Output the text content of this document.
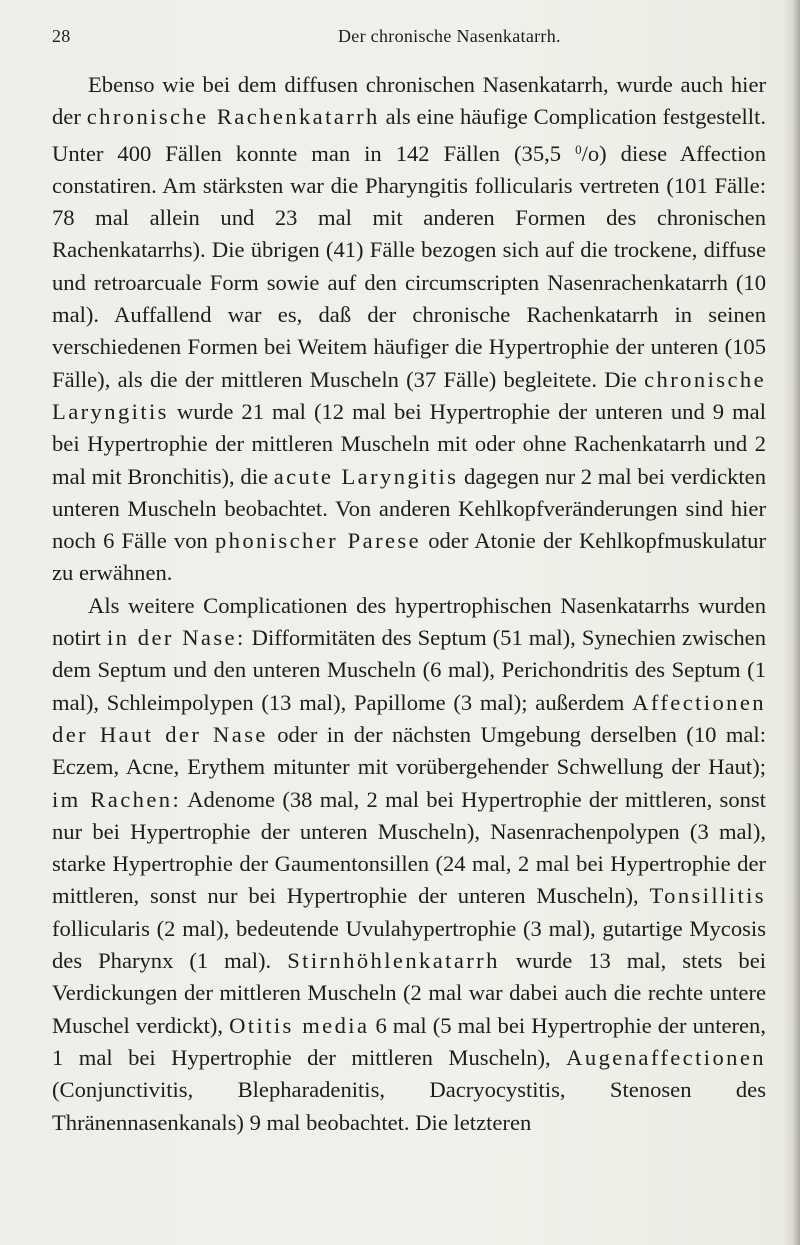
28	Der chronische Nasenkatarrh.

Ebenso wie bei dem diffusen chronischen Nasenkatarrh, wurde auch hier der chronische Rachenkatarrh als eine häufige Complication festgestellt. Unter 400 Fällen konnte man in 142 Fällen (35,5 $^0$/o) diese Affection constatiren. Am stärksten war die Pharyngitis follicularis vertreten (101 Fälle: 78 mal allein und 23 mal mit anderen Formen des chronischen Rachenkatarrhs). Die übrigen (41) Fälle bezogen sich auf die trockene, diffuse und retroarcuale Form sowie auf den circumscripten Nasenrachenkatarrh (10 mal). Auffallend war es, daß der chronische Rachenkatarrh in seinen verschiedenen Formen bei Weitem häufiger die Hypertrophie der unteren (105 Fälle), als die der mittleren Muscheln (37 Fälle) begleitete. Die chronische Laryngitis wurde 21 mal (12 mal bei Hypertrophie der unteren und 9 mal bei Hypertrophie der mittleren Muscheln mit oder ohne Rachenkatarrh und 2 mal mit Bronchitis), die acute Laryngitis dagegen nur 2 mal bei verdickten unteren Muscheln beobachtet. Von anderen Kehlkopfveränderungen sind hier noch 6 Fälle von phonischer Parese oder Atonie der Kehlkopfmuskulatur zu erwähnen.

Als weitere Complicationen des hypertrophischen Nasenkatarrhs wurden notirt in der Nase: Difformitäten des Septum (51 mal), Synechien zwischen dem Septum und den unteren Muscheln (6 mal), Perichondritis des Septum (1 mal), Schleimpolypen (13 mal), Papillome (3 mal); außerdem Affectionen der Haut der Nase oder in der nächsten Umgebung derselben (10 mal: Eczem, Acne, Erythem mitunter mit vorübergehender Schwellung der Haut); im Rachen: Adenome (38 mal, 2 mal bei Hypertrophie der mittleren, sonst nur bei Hypertrophie der unteren Muscheln), Nasenrachenpolypen (3 mal), starke Hypertrophie der Gaumentonsillen (24 mal, 2 mal bei Hypertrophie der mittleren, sonst nur bei Hypertrophie der unteren Muscheln), Tonsillitis follicularis (2 mal), bedeutende Uvulahypertrophie (3 mal), gutartige Mycosis des Pharynx (1 mal). Stirnhöhlenkatarrh wurde 13 mal, stets bei Verdickungen der mittleren Muscheln (2 mal war dabei auch die rechte untere Muschel verdickt), Otitis media 6 mal (5 mal bei Hypertrophie der unteren, 1 mal bei Hypertrophie der mittleren Muscheln), Augenaffectionen (Conjunctivitis, Blepharadenitis, Dacryocystitis, Stenosen des Thränennasenkanals) 9 mal beobachtet. Die letzteren
